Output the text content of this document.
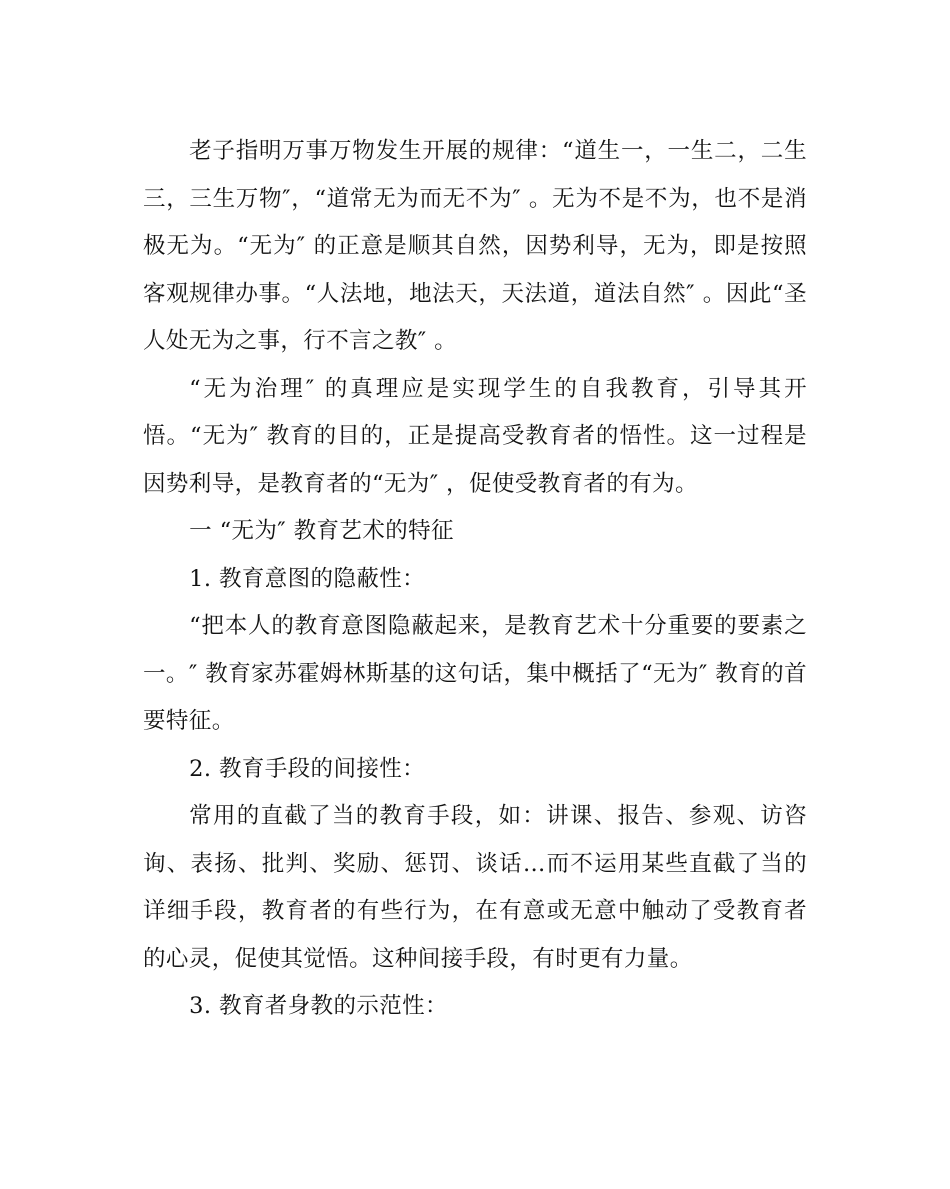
老子指明万事万物发生开展的规律：“道生一，一生二，二生三，三生万物″，“道常无为而无不为″ 。无为不是不为，也不是消极无为。“无为″ 的正意是顺其自然，因势利导，无为，即是按照客观规律办事。“人法地，地法天，天法道，道法自然″ 。因此“圣人处无为之事，行不言之教″ 。

“无为治理″ 的真理应是实现学生的自我教育，引导其开悟。“无为″ 教育的目的，正是提高受教育者的悟性。这一过程是因势利导，是教育者的“无为″ ，促使受教育者的有为。

一 “无为″ 教育艺术的特征

1. 教育意图的隐蔽性：

“把本人的教育意图隐蔽起来，是教育艺术十分重要的要素之一。″ 教育家苏霍姆林斯基的这句话，集中概括了“无为″ 教育的首要特征。

2. 教育手段的间接性：

常用的直截了当的教育手段，如：讲课、报告、参观、访咨询、表扬、批判、奖励、惩罚、谈话…而不运用某些直截了当的详细手段，教育者的有些行为，在有意或无意中触动了受教育者的心灵，促使其觉悟。这种间接手段，有时更有力量。

3. 教育者身教的示范性：
